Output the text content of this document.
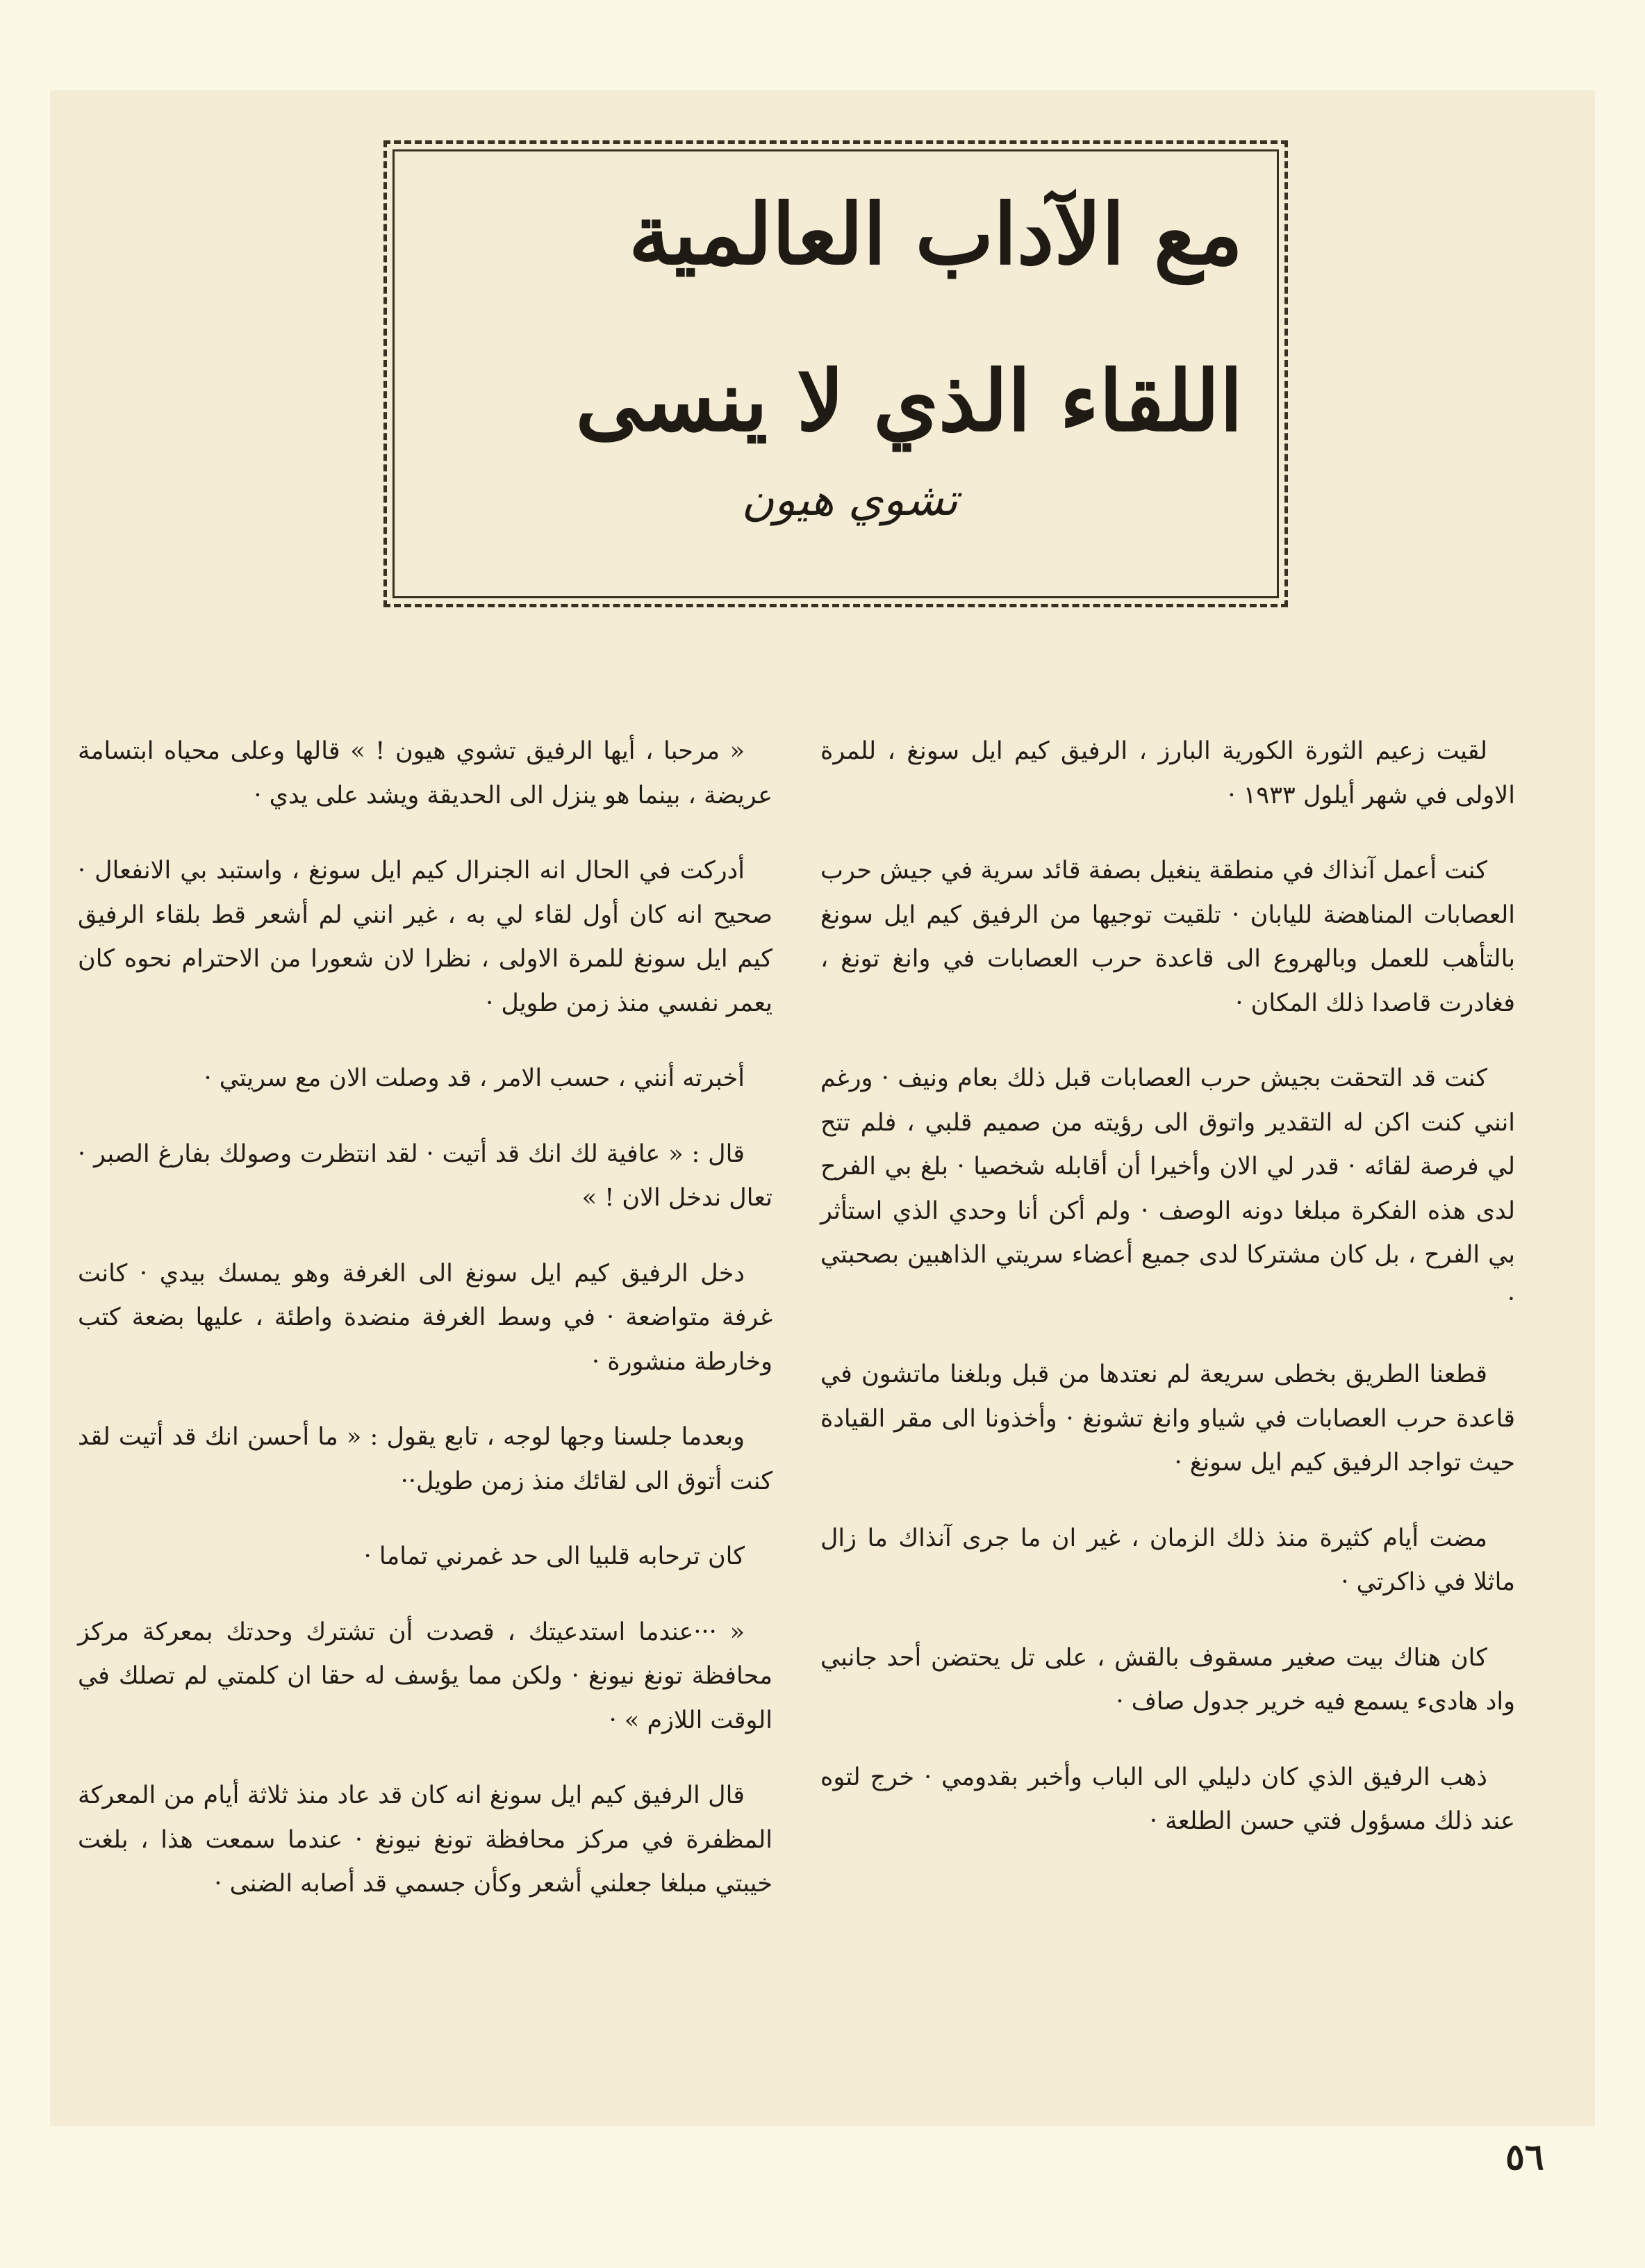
مع الآداب العالمية
اللقاء الذي لا ينسى
تشوي هيون

لقيت زعيم الثورة الكورية البارز ، الرفيق كيم ايل سونغ ، للمرة الاولى في شهر أيلول ١٩٣٣ ·

كنت أعمل آنذاك في منطقة ينغيل بصفة قائد سرية في جيش حرب العصابات المناهضة لليابان · تلقيت توجيها من الرفيق كيم ايل سونغ بالتأهب للعمل وبالهروع الى قاعدة حرب العصابات في وانغ تونغ ، فغادرت قاصدا ذلك المكان ·

كنت قد التحقت بجيش حرب العصابات قبل ذلك بعام ونيف · ورغم انني كنت اكن له التقدير واتوق الى رؤيته من صميم قلبي ، فلم تتح لي فرصة لقائه · قدر لي الان وأخيرا أن أقابله شخصيا · بلغ بي الفرح لدى هذه الفكرة مبلغا دونه الوصف · ولم أكن أنا وحدي الذي استأثر بي الفرح ، بل كان مشتركا لدى جميع أعضاء سريتي الذاهبين بصحبتي ·

قطعنا الطريق بخطى سريعة لم نعتدها من قبل وبلغنا ماتشون في قاعدة حرب العصابات في شياو وانغ تشونغ · وأخذونا الى مقر القيادة حيث تواجد الرفيق كيم ايل سونغ ·

مضت أيام كثيرة منذ ذلك الزمان ، غير ان ما جرى آنذاك ما زال ماثلا في ذاكرتي ·

كان هناك بيت صغير مسقوف بالقش ، على تل يحتضن أحد جانبي واد هادىء يسمع فيه خرير جدول صاف ·

ذهب الرفيق الذي كان دليلي الى الباب وأخبر بقدومي · خرج لتوه عند ذلك مسؤول فتي حسن الطلعة ·

« مرحبا ، أيها الرفيق تشوي هيون ! » قالها وعلى محياه ابتسامة عريضة ، بينما هو ينزل الى الحديقة ويشد على يدي ·

أدركت في الحال انه الجنرال كيم ايل سونغ ، واستبد بي الانفعال · صحيح انه كان أول لقاء لي به ، غير انني لم أشعر قط بلقاء الرفيق كيم ايل سونغ للمرة الاولى ، نظرا لان شعورا من الاحترام نحوه كان يعمر نفسي منذ زمن طويل ·

أخبرته أنني ، حسب الامر ، قد وصلت الان مع سريتي ·

قال : « عافية لك انك قد أتيت · لقد انتظرت وصولك بفارغ الصبر · تعال ندخل الان ! »

دخل الرفيق كيم ايل سونغ الى الغرفة وهو يمسك بيدي · كانت غرفة متواضعة · في وسط الغرفة منضدة واطئة ، عليها بضعة كتب وخارطة منشورة ·

وبعدما جلسنا وجها لوجه ، تابع يقول : « ما أحسن انك قد أتيت لقد كنت أتوق الى لقائك منذ زمن طويل··

كان ترحابه قلبيا الى حد غمرني تماما ·

« ···عندما استدعيتك ، قصدت أن تشترك وحدتك بمعركة مركز محافظة تونغ نيونغ · ولكن مما يؤسف له حقا ان كلمتي لم تصلك في الوقت اللازم » ·

قال الرفيق كيم ايل سونغ انه كان قد عاد منذ ثلاثة أيام من المعركة المظفرة في مركز محافظة تونغ نيونغ · عندما سمعت هذا ، بلغت خيبتي مبلغا جعلني أشعر وكأن جسمي قد أصابه الضنى ·

٥٦
